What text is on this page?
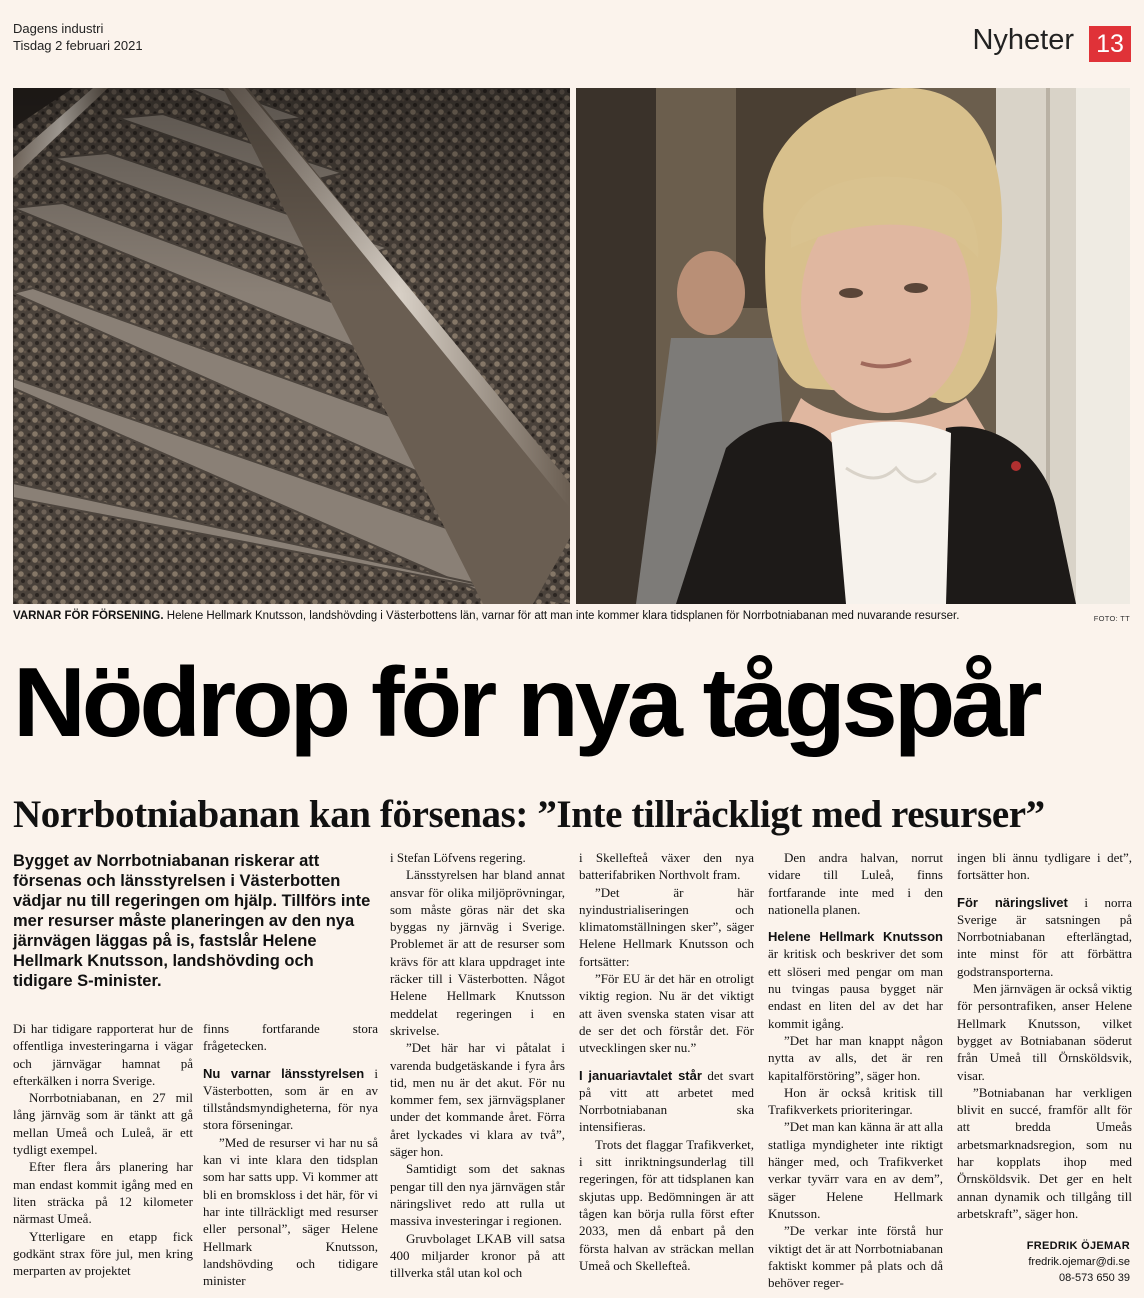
Dagens industri
Tisdag 2 februari 2021	Nyheter 13
VARNAR FÖR FÖRSENING. Helene Hellmark Knutsson, landshövding i Västerbottens län, varnar för att man inte kommer klara tidsplanen för Norrbotniabanan med nuvarande resurser.	FOTO: TT
Nödrop för nya tågspår
Norrbotniabanan kan försenas: ”Inte tillräckligt med resurser”
Bygget av Norrbotniabanan riskerar att försenas och länsstyrelsen i Västerbotten vädjar nu till regeringen om hjälp. Tillförs inte mer resurser måste planeringen av den nya järnvägen läggas på is, fastslår Helene Hellmark Knutsson, landshövding och tidigare S-minister.

Di har tidigare rapporterat hur de offentliga investeringarna i vägar och järnvägar hamnat på efterkälken i norra Sverige.

Norrbotniabanan, en 27 mil lång järnväg som är tänkt att gå mellan Umeå och Luleå, är ett tydligt exempel.

Efter flera års planering har man endast kommit igång med en liten sträcka på 12 kilometer närmast Umeå.

Ytterligare en etapp fick godkänt strax före jul, men kring merparten av projektet

finns fortfarande stora frågetecken.

Nu varnar länsstyrelsen i Västerbotten, som är en av tillståndsmyndigheterna, för nya stora förseningar.

”Med de resurser vi har nu så kan vi inte klara den tidsplan som har satts upp. Vi kommer att bli en bromskloss i det här, för vi har inte tillräckligt med resurser eller personal”, säger Helene Hellmark Knutsson, landshövding och tidigare minister

i Stefan Löfvens regering.

Länsstyrelsen har bland annat ansvar för olika miljöprövningar, som måste göras när det ska byggas ny järnväg i Sverige. Problemet är att de resurser som krävs för att klara uppdraget inte räcker till i Västerbotten. Något Helene Hellmark Knutsson meddelat regeringen i en skrivelse.

”Det här har vi påtalat i varenda budgetäskande i fyra års tid, men nu är det akut. För nu kommer fem, sex järnvägsplaner under det kommande året. Förra året lyckades vi klara av två”, säger hon.

Samtidigt som det saknas pengar till den nya järnvägen står näringslivet redo att rulla ut massiva investeringar i regionen.

Gruvbolaget LKAB vill satsa 400 miljarder kronor på att tillverka stål utan kol och

i Skellefteå växer den nya batterifabriken Northvolt fram.

”Det är här nyindustrialiseringen och klimatomställningen sker”, säger Helene Hellmark Knutsson och fortsätter:

”För EU är det här en otroligt viktig region. Nu är det viktigt att även svenska staten visar att de ser det och förstår det. För utvecklingen sker nu.”

I januariavtalet står det svart på vitt att arbetet med Norrbotniabanan ska intensifieras.

Trots det flaggar Trafikverket, i sitt inriktningsunderlag till regeringen, för att tidsplanen kan skjutas upp. Bedömningen är att tågen kan börja rulla först efter 2033, men då enbart på den första halvan av sträckan mellan Umeå och Skellefteå.

Den andra halvan, norrut vidare till Luleå, finns fortfarande inte med i den nationella planen.

Helene Hellmark Knutsson är kritisk och beskriver det som ett slöseri med pengar om man nu tvingas pausa bygget när endast en liten del av det har kommit igång.

”Det har man knappt någon nytta av alls, det är ren kapitalförstöring”, säger hon.

Hon är också kritisk till Trafikverkets prioriteringar.

”Det man kan känna är att alla statliga myndigheter inte riktigt hänger med, och Trafikverket verkar tyvärr vara en av dem”, säger Helene Hellmark Knutsson.

”De verkar inte förstå hur viktigt det är att Norrbotniabanan faktiskt kommer på plats och då behöver reger-

ingen bli ännu tydligare i det”, fortsätter hon.

För näringslivet i norra Sverige är satsningen på Norrbotniabanan efterlängtad, inte minst för att förbättra godstransporterna.

Men järnvägen är också viktig för persontrafiken, anser Helene Hellmark Knutsson, vilket bygget av Botniabanan söderut från Umeå till Örnsköldsvik, visar.

”Botniabanan har verkligen blivit en succé, framför allt för att bredda Umeås arbetsmarknadsregion, som nu har kopplats ihop med Örnsköldsvik. Det ger en helt annan dynamik och tillgång till arbetskraft”, säger hon.

FREDRIK ÖJEMAR
fredrik.ojemar@di.se
08-573 650 39
